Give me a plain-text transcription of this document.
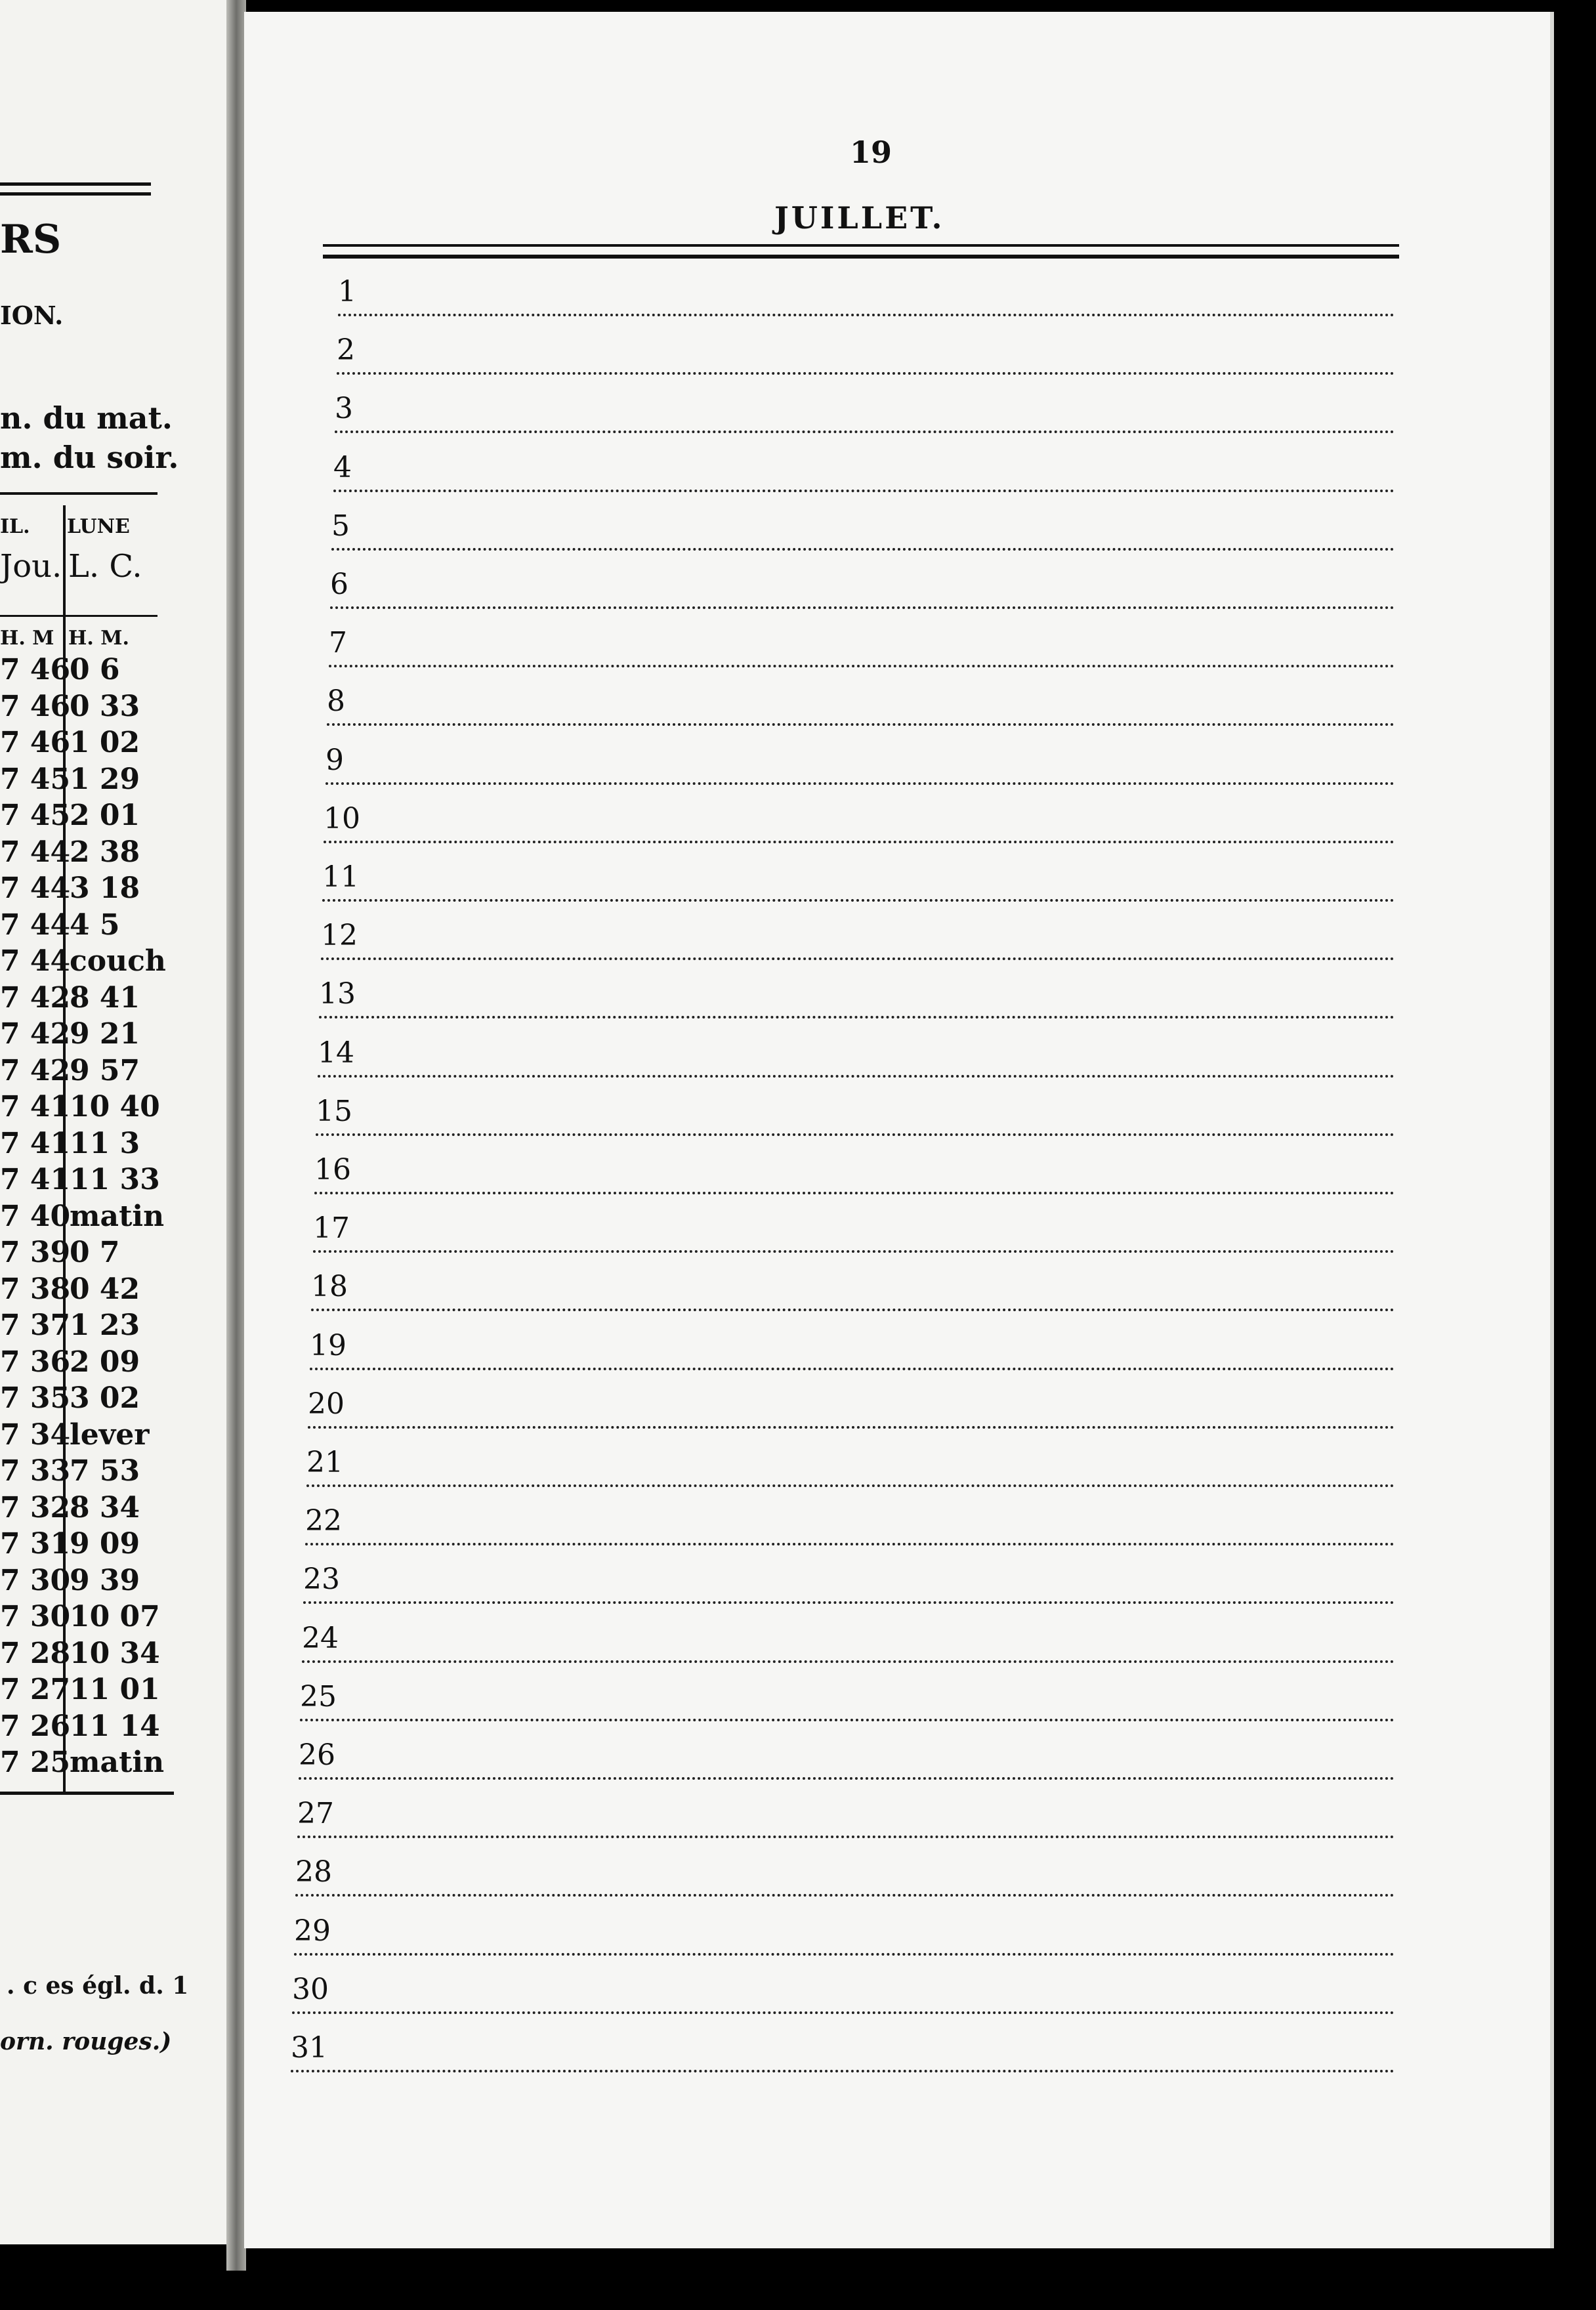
RS
ION.
n. du mat.
m. du soir.
IL. LUNE
Jou. L. C.
H. M H. M.
7 46
0 6
7 46
0 33
7 46
1 02
7 45
1 29
7 45
2 01
7 44
2 38
7 44
3 18
7 44
4 5
7 44
couch
7 42
8 41
7 42
9 21
7 42
9 57
7 41
10 40
7 41
11 3
7 41
11 33
7 40
matin
7 39
0 7
7 38
0 42
7 37
1 23
7 36
2 09
7 35
3 02
7 34
lever
7 33
7 53
7 32
8 34
7 31
9 09
7 30
9 39
7 30
10 07
7 28
10 34
7 27
11 01
7 26
11 14
7 25
matin
. c es égl. d. 1
orn. rouges.)
19
JUILLET.
1
2
3
4
5
6
7
8
9
10
11
12
13
14
15
16
17
18
19
20
21
22
23
24
25
26
27
28
29
30
31
